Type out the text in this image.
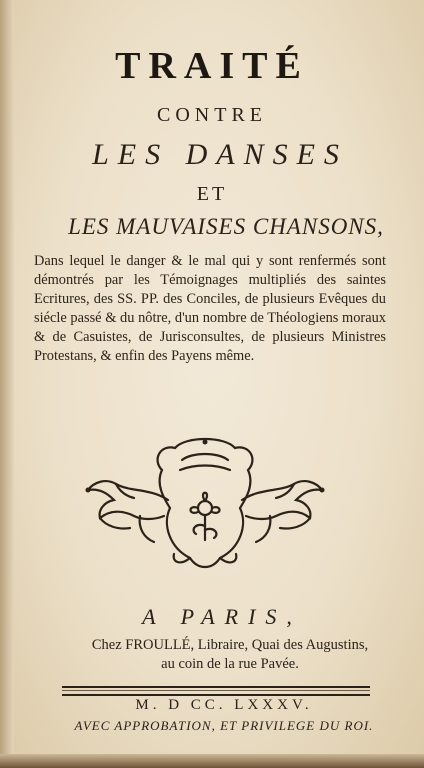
TRAITÉ
CONTRE
LES DANSES
ET
LES MAUVAISES CHANSONS,
Dans lequel le danger & le mal qui y sont renfermés sont démontrés par les Témoignages multipliés des saintes Ecritures, des SS. PP. des Conciles, de plusieurs Evêques du siécle passé & du nôtre, d'un nombre de Théologiens moraux & de Casuistes, de Jurisconsultes, de plusieurs Ministres Protestans, & enfin des Payens même.
A PARIS,
Chez FROULLÉ, Libraire, Quai des Augustins,
au coin de la rue Pavée.
M. D CC. LXXXV.
AVEC APPROBATION, ET PRIVILEGE DU ROI.
